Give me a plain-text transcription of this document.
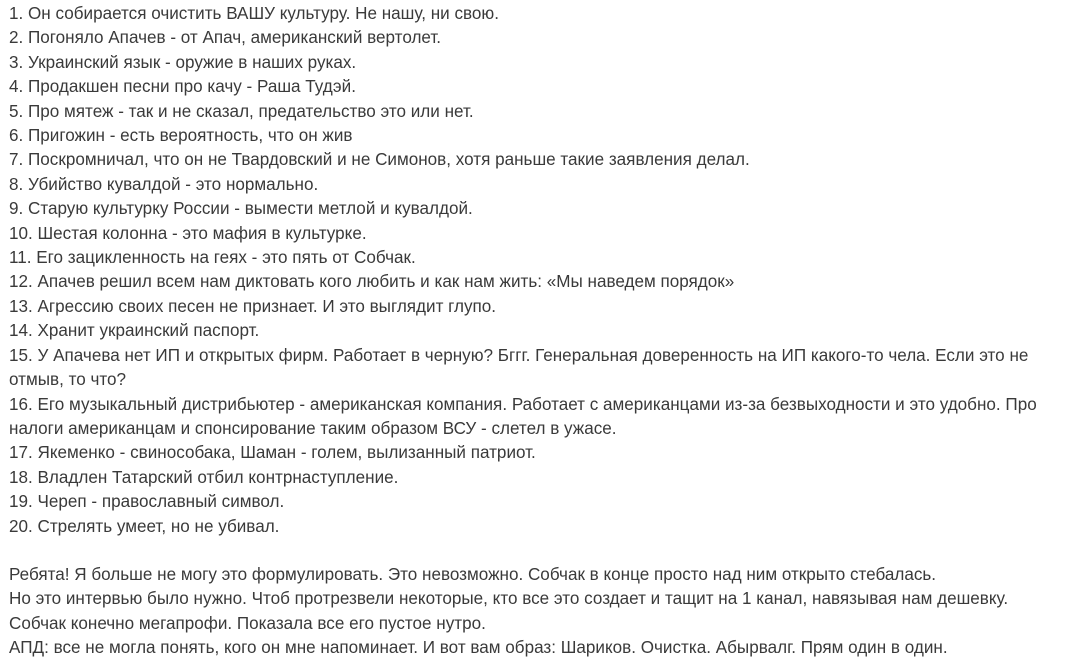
1. Он собирается очистить ВАШУ культуру. Не нашу, ни свою.

2. Погоняло Апачев - от Апач, американский вертолет.

3. Украинский язык - оружие в наших руках.

4. Продакшен песни про качу - Раша Тудэй.

5. Про мятеж - так и не сказал, предательство это или нет.

6. Пригожин - есть вероятность, что он жив

7. Поскромничал, что он не Твардовский и не Симонов, хотя раньше такие заявления делал.

8. Убийство кувалдой - это нормально.

9. Старую культурку России - вымести метлой и кувалдой.

10. Шестая колонна - это мафия в культурке.

11. Его зацикленность на геях - это пять от Собчак.

12. Апачев решил всем нам диктовать кого любить и как нам жить: «Мы наведем порядок»

13. Агрессию своих песен не признает. И это выглядит глупо.

14. Хранит украинский паспорт.

15. У Апачева нет ИП и открытых фирм. Работает в черную? Бггг. Генеральная доверенность на ИП какого-то чела. Если это не отмыв, то что?

16. Его музыкальный дистрибьютер - американская компания. Работает с американцами из-за безвыходности и это удобно. Про налоги американцам и спонсирование таким образом ВСУ - слетел в ужасе.

17. Якеменко - свинособака, Шаман - голем, вылизанный патриот.

18. Владлен Татарский отбил контрнаступление.

19. Череп - православный символ.

20. Стрелять умеет, но не убивал.

Ребята! Я больше не могу это формулировать. Это невозможно. Собчак в конце просто над ним открыто стебалась.

Но это интервью было нужно. Чтоб протрезвели некоторые, кто все это создает и тащит на 1 канал, навязывая нам дешевку.

Собчак конечно мегапрофи. Показала все его пустое нутро.

АПД: все не могла понять, кого он мне напоминает. И вот вам образ: Шариков. Очистка. Абырвалг. Прям один в один.
